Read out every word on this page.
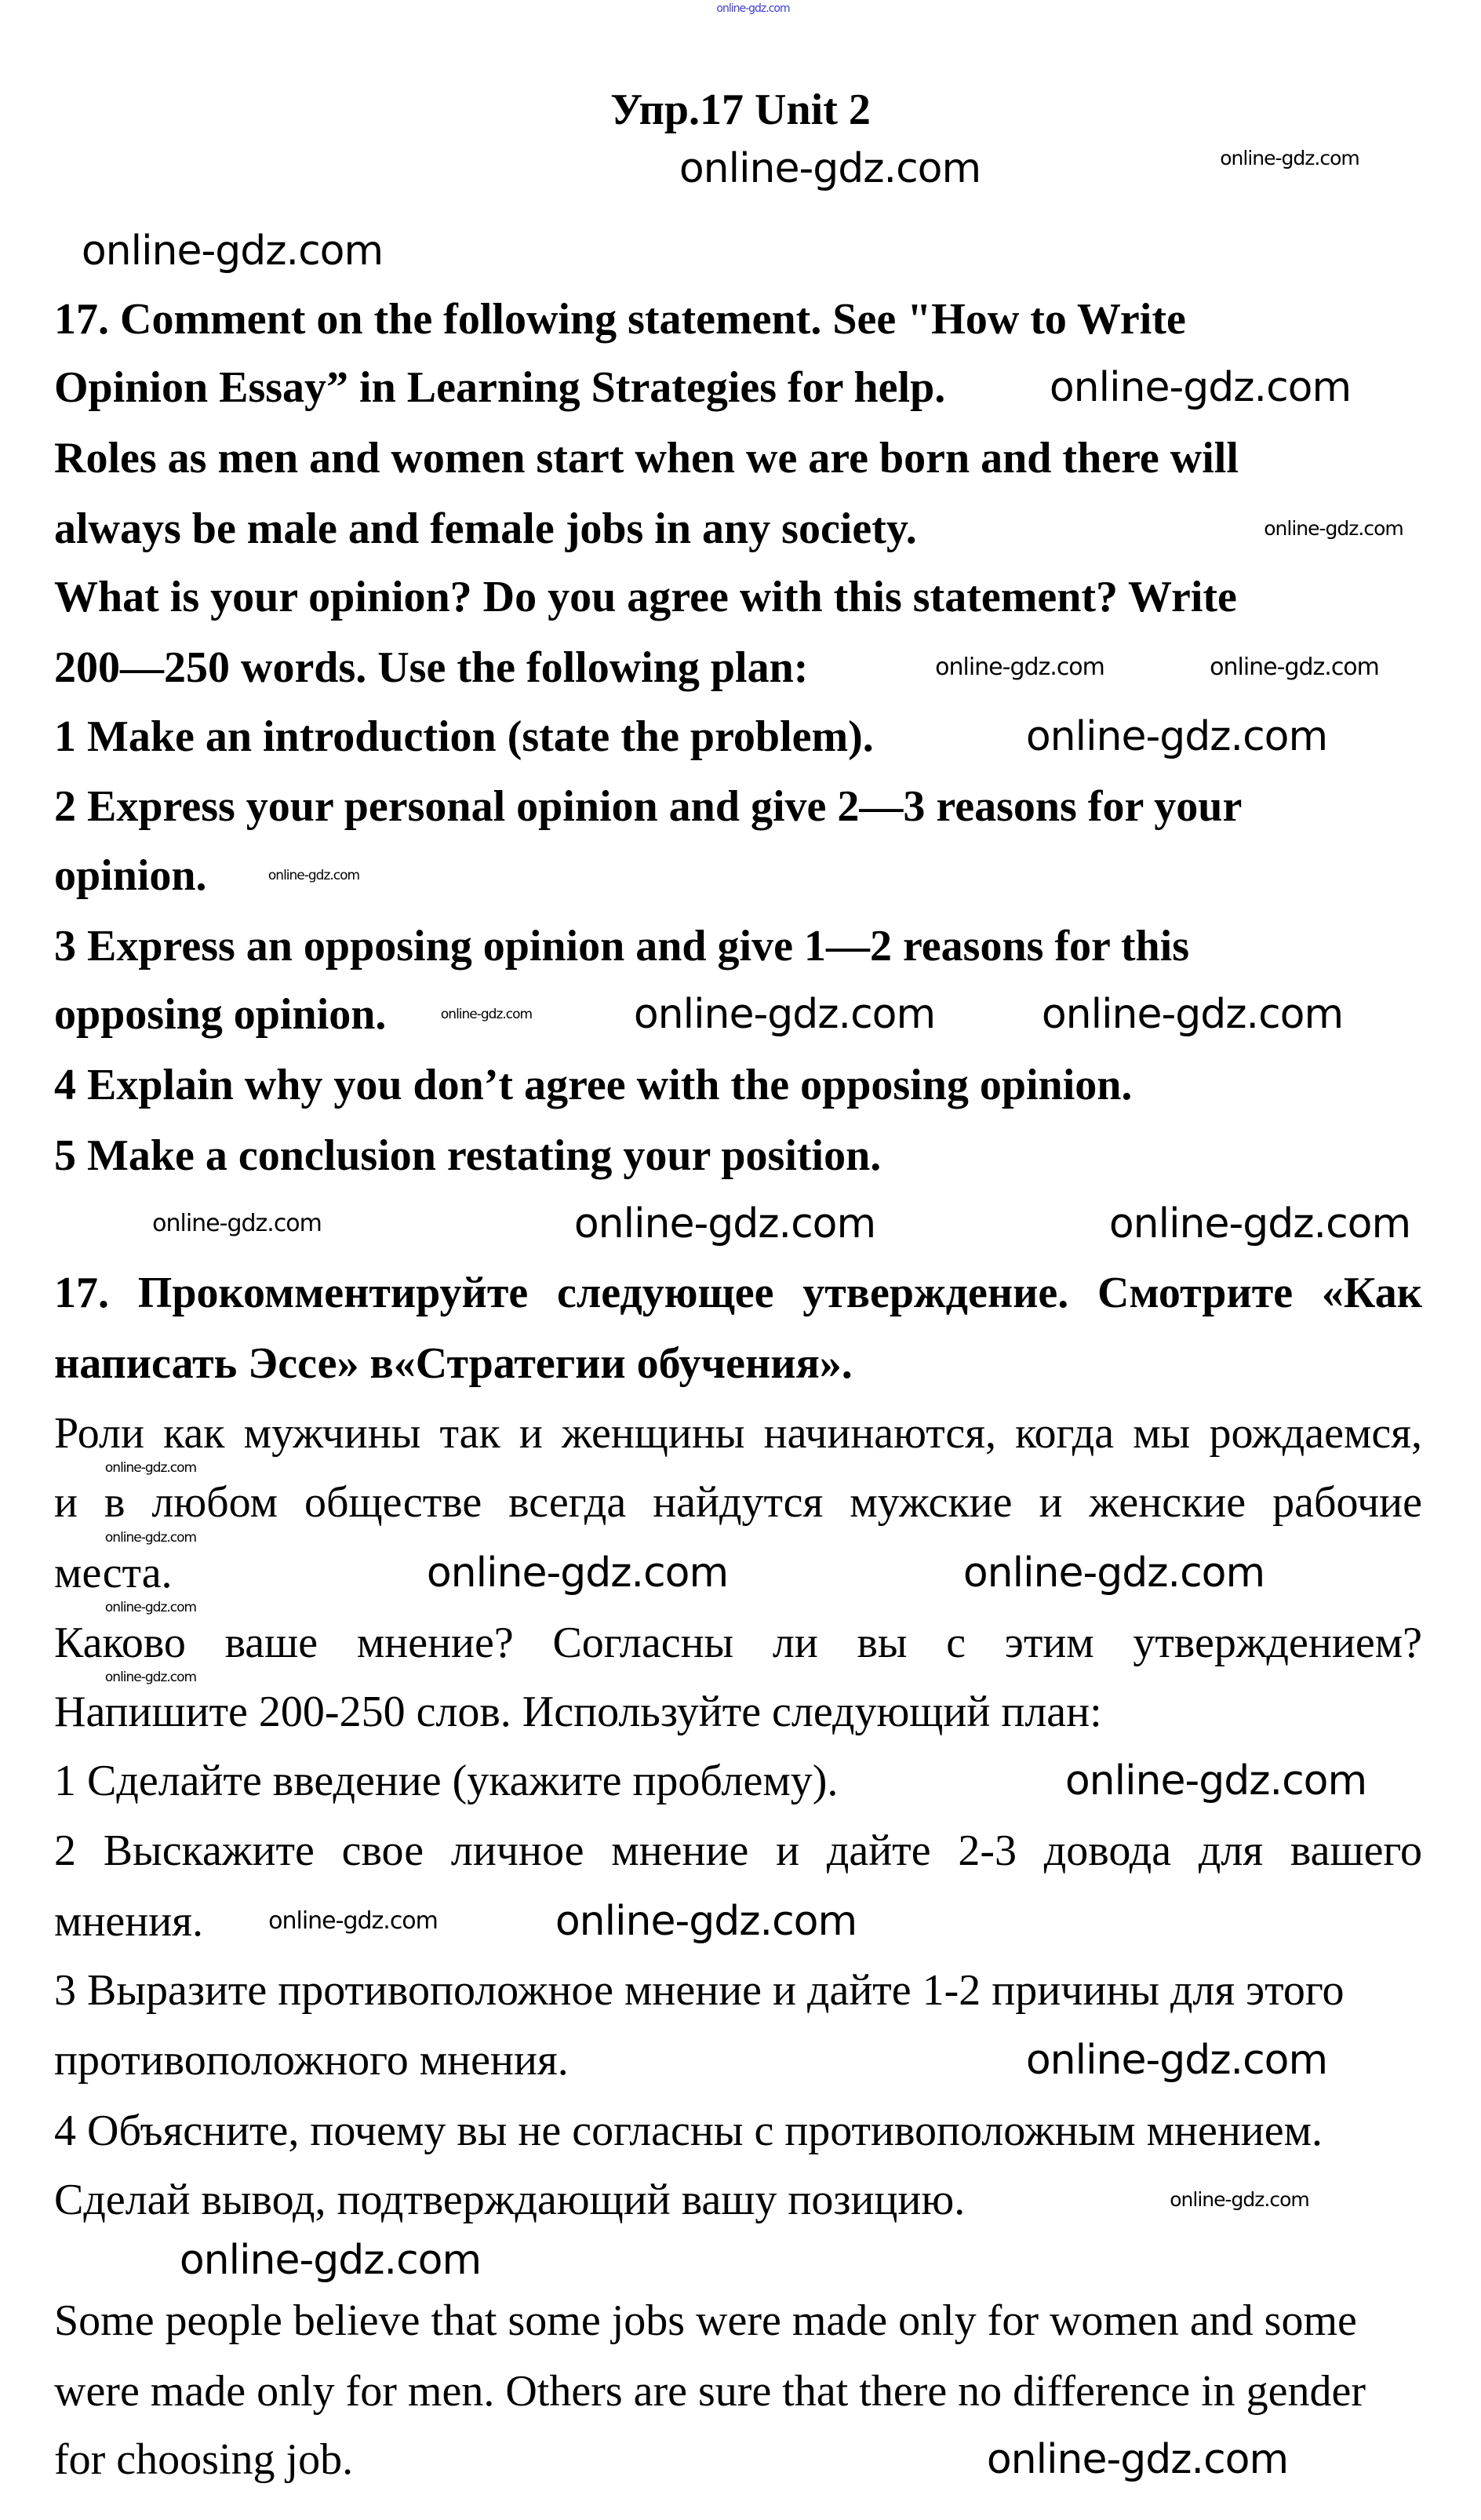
Упр.17 Unit 2
17. Comment on the following statement. See "How to Write
Opinion Essay” in Learning Strategies for help.
Roles as men and women start when we are born and there will
always be male and female jobs in any society.
What is your opinion? Do you agree with this statement? Write
200—250 words. Use the following plan:
1 Make an introduction (state the problem).
2 Express your personal opinion and give 2—3 reasons for your
opinion.
3 Express an opposing opinion and give 1—2 reasons for this
opposing opinion.
4 Explain why you don’t agree with the opposing opinion.
5 Make a conclusion restating your position.
17. Прокомментируйте следующее утверждение. Смотрите «Как
написать Эссе» в«Стратегии обучения».
Роли как мужчины так и женщины начинаются, когда мы рождаемся,
и в любом обществе всегда найдутся мужские и женские рабочие
места.
Каково ваше мнение? Согласны ли вы с этим утверждением?
Напишите 200-250 слов. Используйте следующий план:
1 Сделайте введение (укажите проблему).
2 Выскажите свое личное мнение и дайте 2-3 довода для вашего
мнения.
3 Выразите противоположное мнение и дайте 1-2 причины для этого
противоположного мнения.
4 Объясните, почему вы не согласны с противоположным мнением.
Сделай вывод, подтверждающий вашу позицию.
Some people believe that some jobs were made only for women and some
were made only for men. Others are sure that there no difference in gender
for choosing job.
online-gdz.com
online-gdz.com	online-gdz.com
online-gdz.com
online-gdz.com
online-gdz.com
online-gdz.com	online-gdz.com
online-gdz.com
online-gdz.com
online-gdz.com online-gdz.com	online-gdz.com
online-gdz.com	online-gdz.com	online-gdz.com
online-gdz.com
online-gdz.com
online-gdz.com	online-gdz.com
online-gdz.com
online-gdz.com
online-gdz.com
online-gdz.com	online-gdz.com
online-gdz.com
online-gdz.com
online-gdz.com
online-gdz.com
